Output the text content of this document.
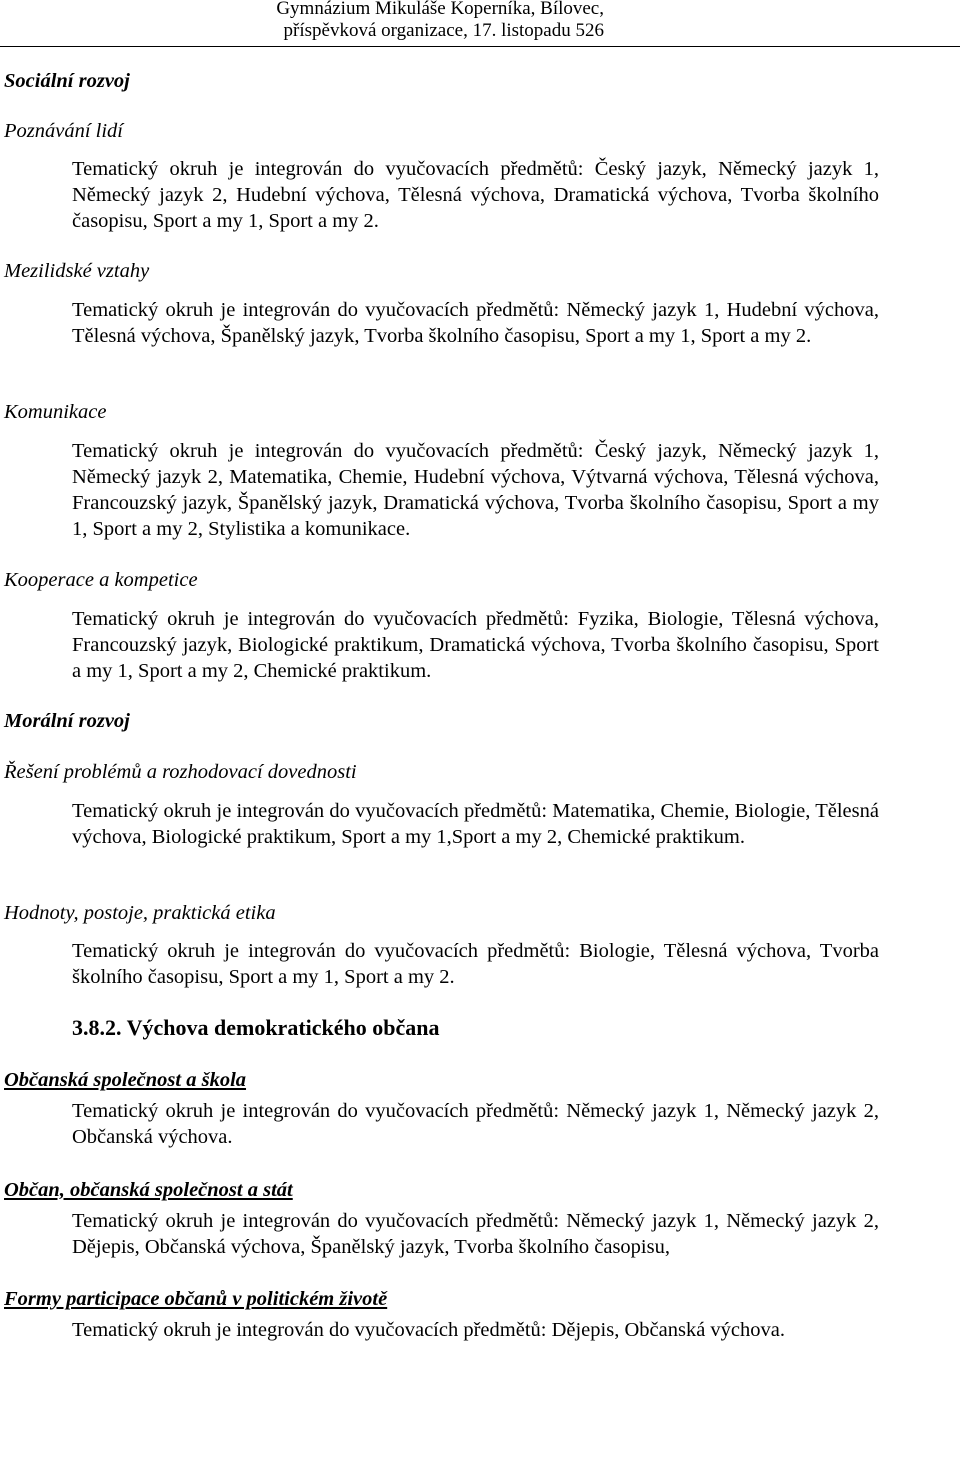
Gymnázium Mikuláše Koperníka, Bílovec,
příspěvková organizace, 17. listopadu 526
Sociální rozvoj
Poznávání lidí
Tematický okruh je integrován do vyučovacích předmětů: Český jazyk, Německý jazyk 1, Německý jazyk 2, Hudební výchova, Tělesná výchova, Dramatická výchova, Tvorba školního časopisu, Sport a my 1, Sport a my 2.
Mezilidské vztahy
Tematický okruh je integrován do vyučovacích předmětů: Německý jazyk 1, Hudební výchova, Tělesná výchova, Španělský jazyk, Tvorba školního časopisu, Sport a my 1, Sport a my 2.
Komunikace
Tematický okruh je integrován do vyučovacích předmětů: Český jazyk, Německý jazyk 1, Německý jazyk 2, Matematika, Chemie, Hudební výchova, Výtvarná výchova, Tělesná výchova, Francouzský jazyk, Španělský jazyk, Dramatická výchova, Tvorba školního časopisu, Sport a my 1, Sport a my 2, Stylistika a komunikace.
Kooperace a kompetice
Tematický okruh je integrován do vyučovacích předmětů: Fyzika, Biologie, Tělesná výchova, Francouzský jazyk, Biologické praktikum, Dramatická výchova, Tvorba školního časopisu, Sport a my 1, Sport a my 2, Chemické praktikum.
Morální rozvoj
Řešení problémů a rozhodovací dovednosti
Tematický okruh je integrován do vyučovacích předmětů: Matematika, Chemie, Biologie, Tělesná výchova, Biologické praktikum, Sport a my 1,Sport a my 2, Chemické praktikum.
Hodnoty, postoje, praktická etika
Tematický okruh je integrován do vyučovacích předmětů: Biologie, Tělesná výchova, Tvorba školního časopisu, Sport a my 1, Sport a my 2.
3.8.2. Výchova demokratického občana
Občanská společnost a škola
Tematický okruh je integrován do vyučovacích předmětů: Německý jazyk 1, Německý jazyk 2, Občanská výchova.
Občan, občanská společnost a stát
Tematický okruh je integrován do vyučovacích předmětů: Německý jazyk 1, Německý jazyk 2, Dějepis, Občanská výchova, Španělský jazyk, Tvorba školního časopisu,
Formy participace občanů v politickém životě
Tematický okruh je integrován do vyučovacích předmětů: Dějepis, Občanská výchova.
